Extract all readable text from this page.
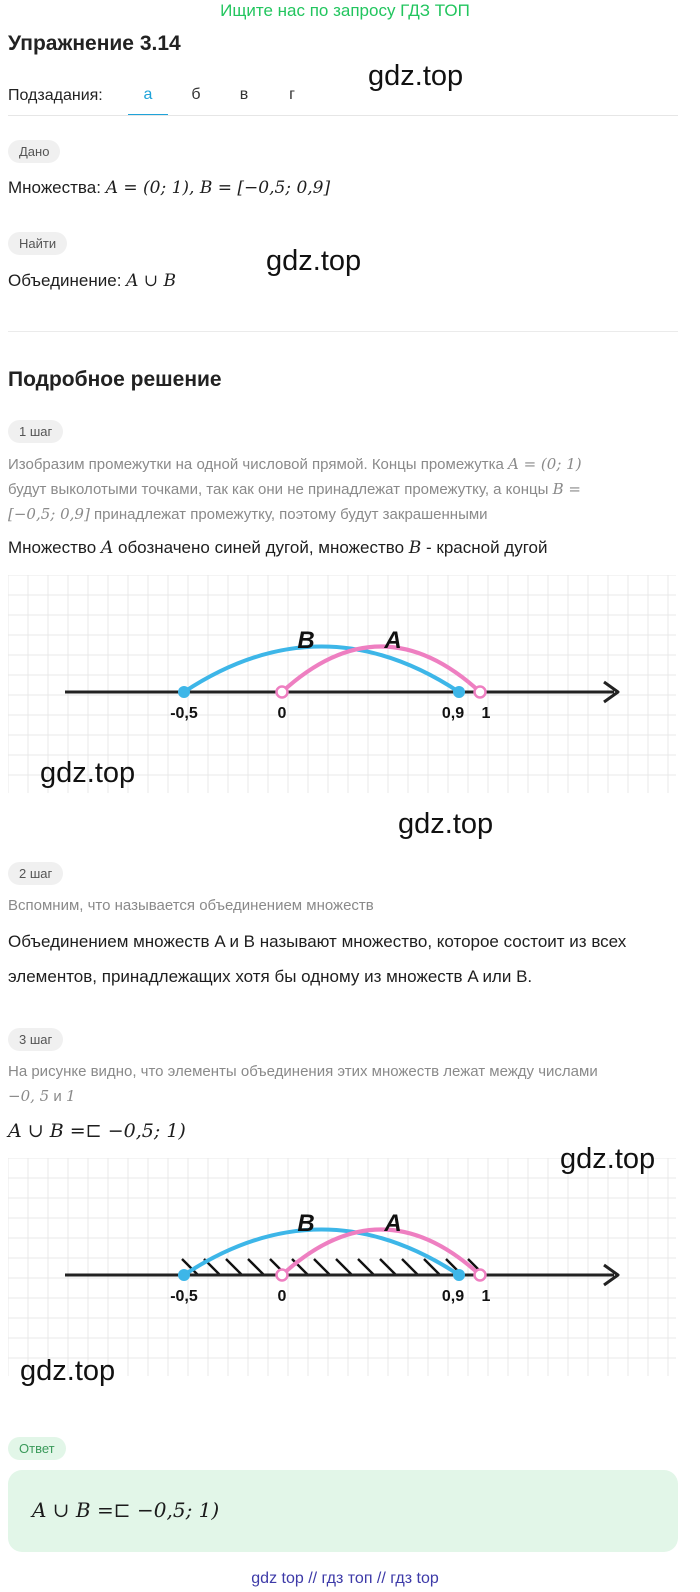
Ищите нас по запросу ГДЗ ТОП
Упражнение 3.14
gdz.top
Подзадания:	а	б	в	г
Дано
Множества: A = (0; 1), B = [−0,5; 0,9]
Найти
gdz.top
Объединение: A ∪ B
Подробное решение
1 шаг
Изобразим промежутки на одной числовой прямой. Концы промежутка A = (0; 1)
будут выколотыми точками, так как они не принадлежат промежутку, а концы B =
[−0,5; 0,9] принадлежат промежутку, поэтому будут закрашенными
Множество A обозначено синей дугой, множество B - красной дугой
-0,5	0	0,9 1
B	A
gdz.top
gdz.top
2 шаг
Вспомним, что называется объединением множеств
Объединением множеств A и B называют множество, которое состоит из всех
элементов, принадлежащих хотя бы одному из множеств A или B.
3 шаг
На рисунке видно, что элементы объединения этих множеств лежат между числами
−0, 5 и 1
A ∪ B =⊏ −0,5; 1)
-0,5	0	0,9 1
B	A
gdz.top
gdz.top
Ответ
A ∪ B =⊏ −0,5; 1)
gdz top // гдз топ // гдз top
